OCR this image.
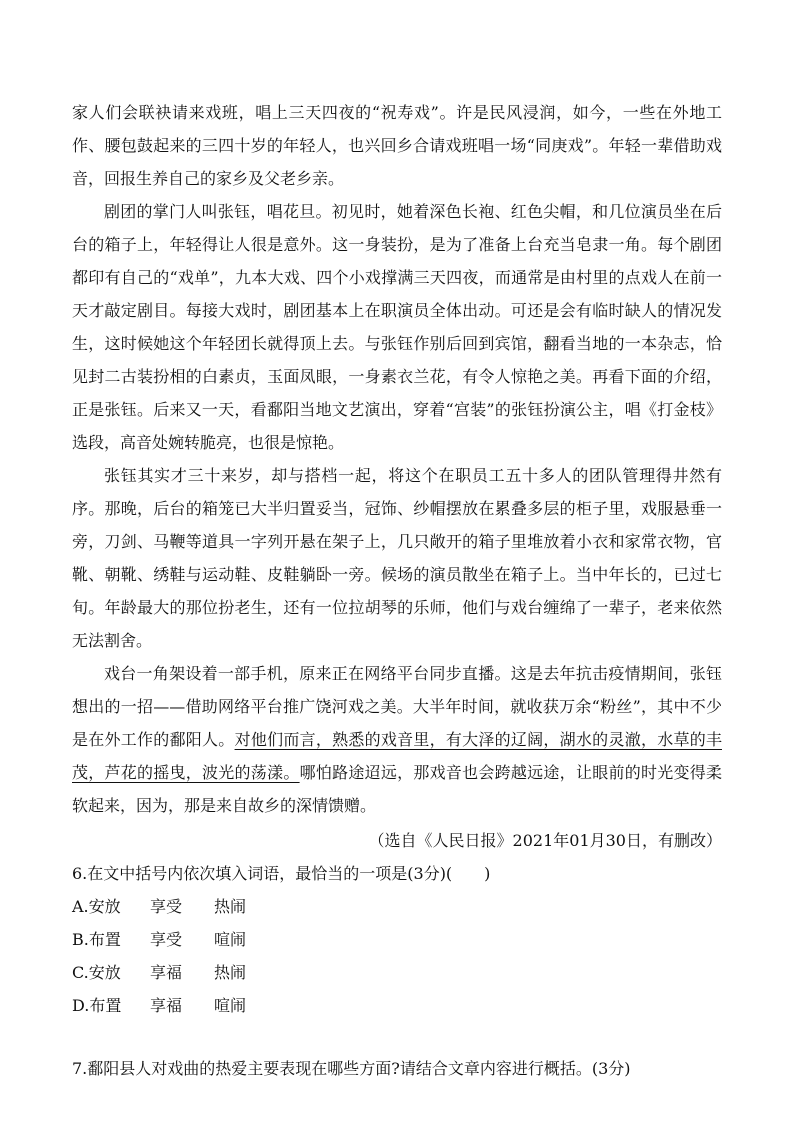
家人们会联袂请来戏班，唱上三天四夜的“祝寿戏”。许是民风浸润，如今，一些在外地工作、腰包鼓起来的三四十岁的年轻人，也兴回乡合请戏班唱一场“同庚戏”。年轻一辈借助戏音，回报生养自己的家乡及父老乡亲。

剧团的掌门人叫张钰，唱花旦。初见时，她着深色长袍、红色尖帽，和几位演员坐在后台的箱子上，年轻得让人很是意外。这一身装扮，是为了准备上台充当皂隶一角。每个剧团都印有自己的“戏单”，九本大戏、四个小戏撑满三天四夜，而通常是由村里的点戏人在前一天才敲定剧目。每接大戏时，剧团基本上在职演员全体出动。可还是会有临时缺人的情况发生，这时候她这个年轻团长就得顶上去。与张钰作别后回到宾馆，翻看当地的一本杂志，恰见封二古装扮相的白素贞，玉面凤眼，一身素衣兰花，有令人惊艳之美。再看下面的介绍，正是张钰。后来又一天，看鄱阳当地文艺演出，穿着“宫装”的张钰扮演公主，唱《打金枝》选段，高音处婉转脆亮，也很是惊艳。

张钰其实才三十来岁，却与搭档一起，将这个在职员工五十多人的团队管理得井然有序。那晚，后台的箱笼已大半归置妥当，冠饰、纱帽摆放在累叠多层的柜子里，戏服悬垂一旁，刀剑、马鞭等道具一字列开悬在架子上，几只敞开的箱子里堆放着小衣和家常衣物，官靴、朝靴、绣鞋与运动鞋、皮鞋躺卧一旁。候场的演员散坐在箱子上。当中年长的，已过七旬。年龄最大的那位扮老生，还有一位拉胡琴的乐师，他们与戏台缠绵了一辈子，老来依然无法割舍。

戏台一角架设着一部手机，原来正在网络平台同步直播。这是去年抗击疫情期间，张钰想出的一招——借助网络平台推广饶河戏之美。大半年时间，就收获万余“粉丝”，其中不少是在外工作的鄱阳人。对他们而言，熟悉的戏音里，有大泽的辽阔，湖水的灵澈，水草的丰茂，芦花的摇曳，波光的荡漾。哪怕路途迢远，那戏音也会跨越远途，让眼前的时光变得柔软起来，因为，那是来自故乡的深情馈赠。

（选自《人民日报》2021年01月30日，有删改）

6.在文中括号内依次填入词语，最恰当的一项是(3分)(　　)

A.安放	享受	热闹
B.布置	享受	喧闹
C.安放	享福	热闹
D.布置	享福	喧闹

7.鄱阳县人对戏曲的热爱主要表现在哪些方面?请结合文章内容进行概括。(3分)
